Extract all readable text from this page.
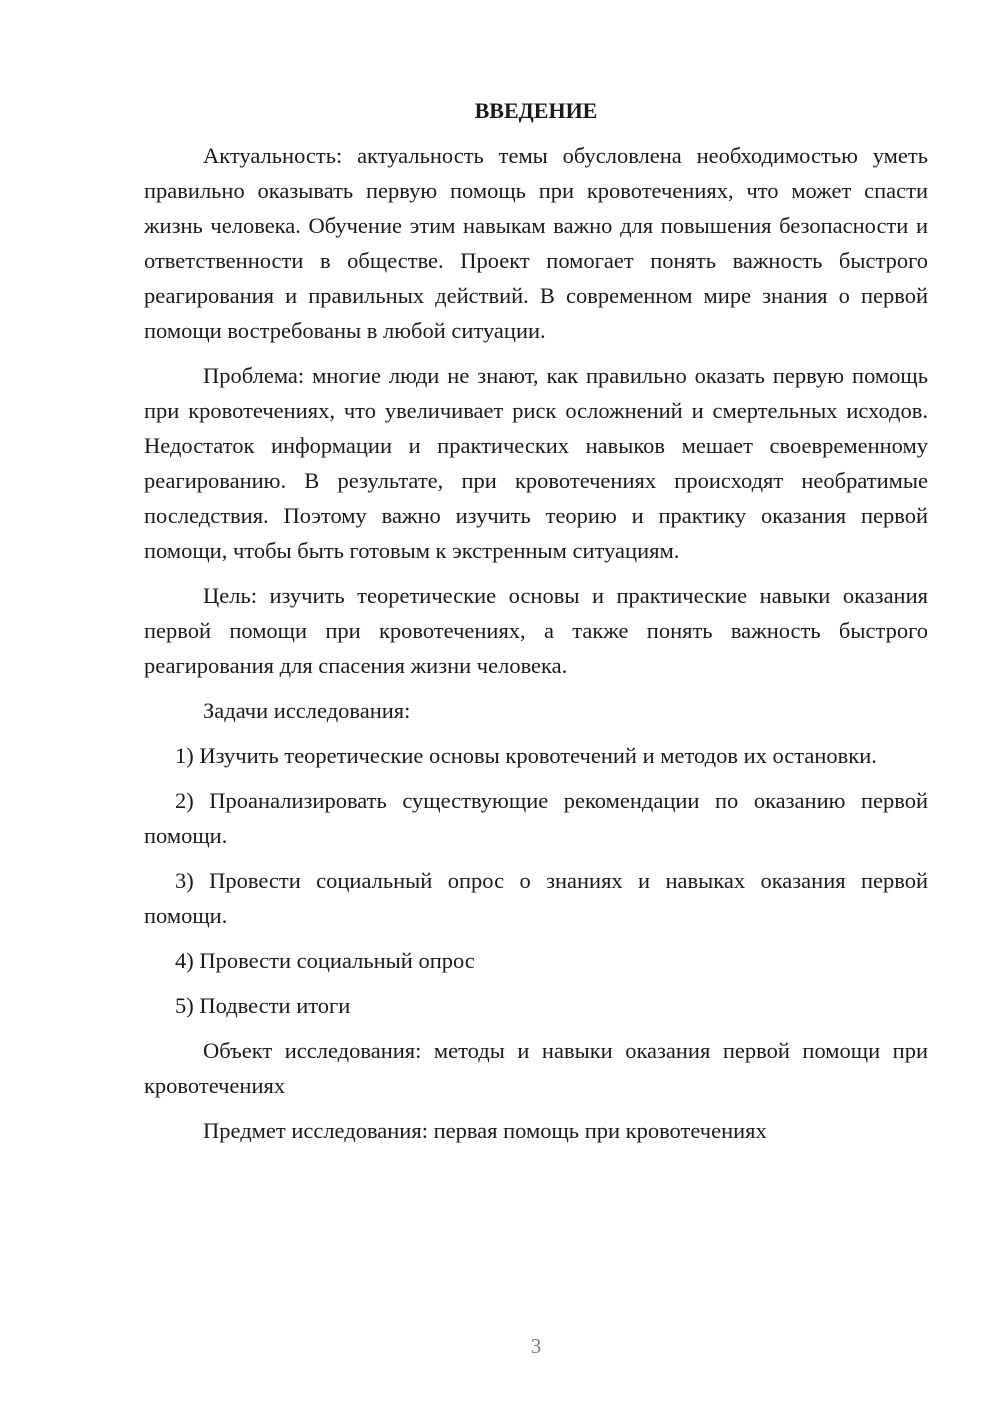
ВВЕДЕНИЕ

Актуальность: актуальность темы обусловлена необходимостью уметь правильно оказывать первую помощь при кровотечениях, что может спасти жизнь человека. Обучение этим навыкам важно для повышения безопасности и ответственности в обществе. Проект помогает понять важность быстрого реагирования и правильных действий. В современном мире знания о первой помощи востребованы в любой ситуации.

Проблема: многие люди не знают, как правильно оказать первую помощь при кровотечениях, что увеличивает риск осложнений и смертельных исходов. Недостаток информации и практических навыков мешает своевременному реагированию. В результате, при кровотечениях происходят необратимые последствия. Поэтому важно изучить теорию и практику оказания первой помощи, чтобы быть готовым к экстренным ситуациям.

Цель: изучить теоретические основы и практические навыки оказания первой помощи при кровотечениях, а также понять важность быстрого реагирования для спасения жизни человека.

Задачи исследования:

1) Изучить теоретические основы кровотечений и методов их остановки.

2) Проанализировать существующие рекомендации по оказанию первой помощи.

3) Провести социальный опрос о знаниях и навыках оказания первой помощи.

4) Провести социальный опрос

5) Подвести итоги

Объект исследования: методы и навыки оказания первой помощи при кровотечениях

Предмет исследования: первая помощь при кровотечениях

3
